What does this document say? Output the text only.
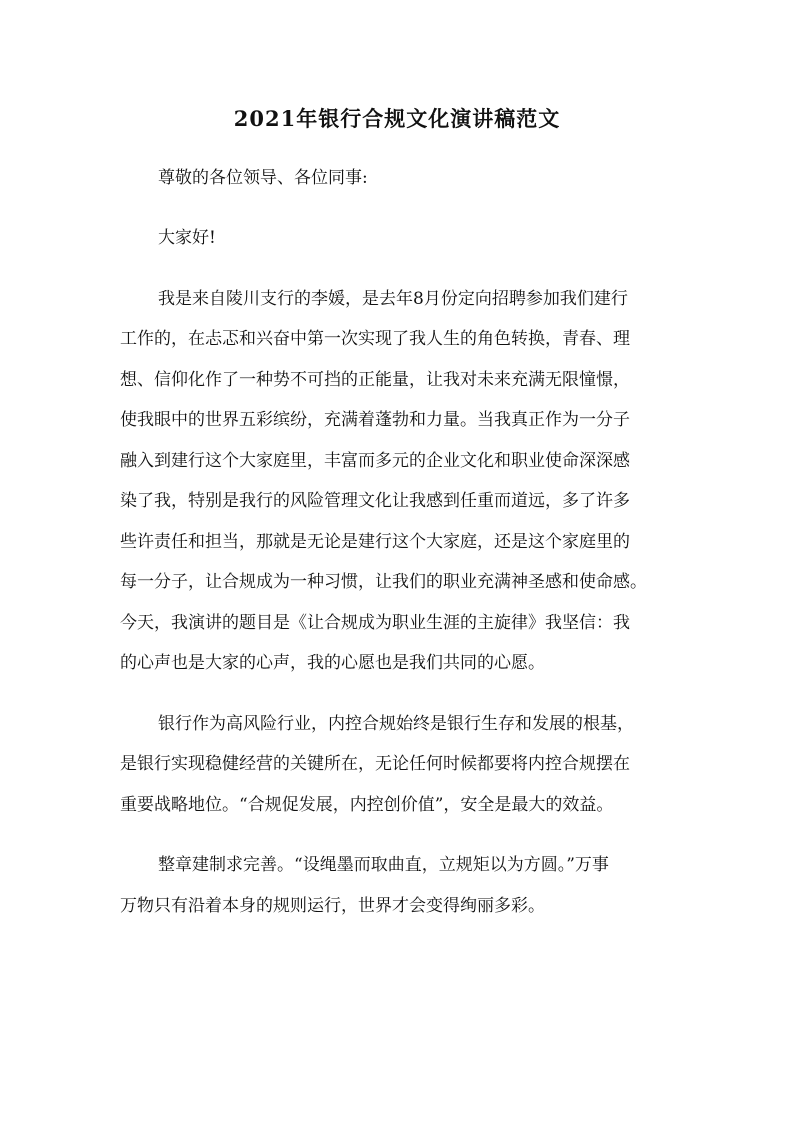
2021年银行合规文化演讲稿范文
尊敬的各位领导、各位同事:
大家好!
我是来自陵川支行的李媛，是去年8月份定向招聘参加我们建行
工作的，在忐忑和兴奋中第一次实现了我人生的角色转换，青春、理
想、信仰化作了一种势不可挡的正能量，让我对未来充满无限憧憬，
使我眼中的世界五彩缤纷，充满着蓬勃和力量。当我真正作为一分子
融入到建行这个大家庭里，丰富而多元的企业文化和职业使命深深感
染了我，特别是我行的风险管理文化让我感到任重而道远，多了许多
些许责任和担当，那就是无论是建行这个大家庭，还是这个家庭里的
每一分子，让合规成为一种习惯，让我们的职业充满神圣感和使命感。
今天，我演讲的题目是《让合规成为职业生涯的主旋律》我坚信：我
的心声也是大家的心声，我的心愿也是我们共同的心愿。
银行作为高风险行业，内控合规始终是银行生存和发展的根基，
是银行实现稳健经营的关键所在，无论任何时候都要将内控合规摆在
重要战略地位。“合规促发展，内控创价值”，安全是最大的效益。
整章建制求完善。“设绳墨而取曲直，立规矩以为方圆。”万事
万物只有沿着本身的规则运行，世界才会变得绚丽多彩。
